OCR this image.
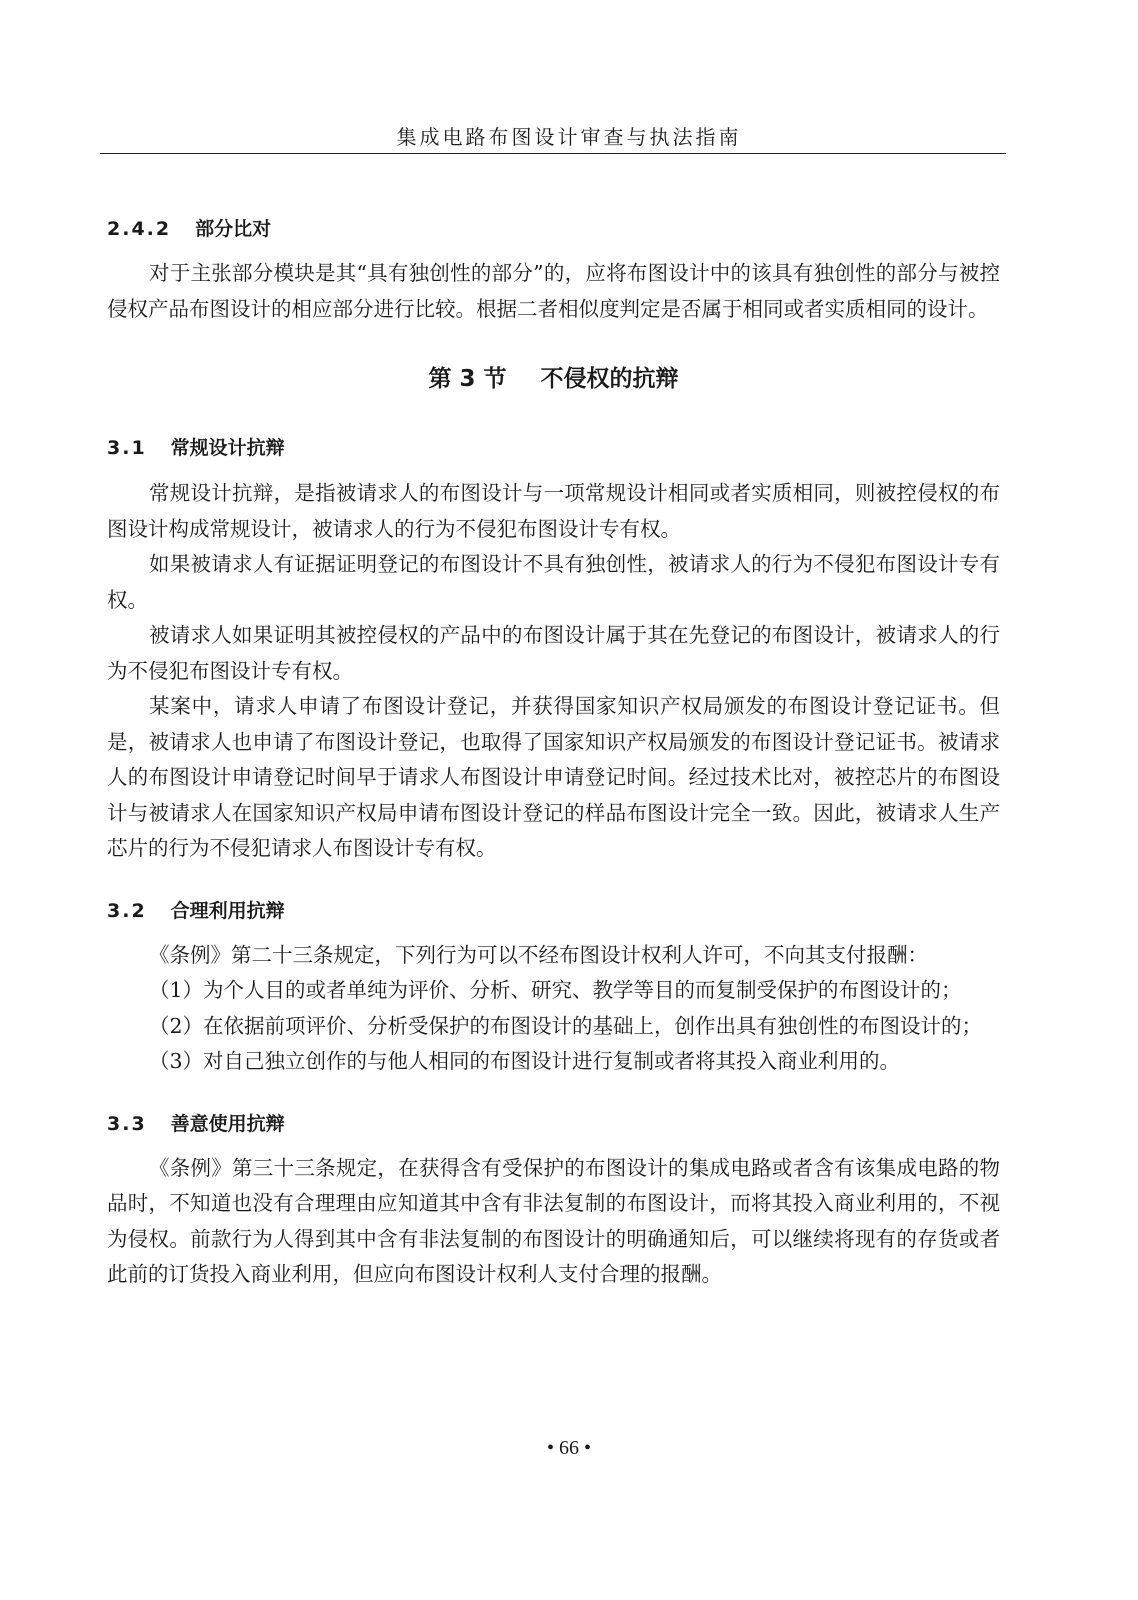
集成电路布图设计审查与执法指南
2.4.2 部分比对

对于主张部分模块是其“具有独创性的部分”的，应将布图设计中的该具有独创性的部分与被控侵权产品布图设计的相应部分进行比较。根据二者相似度判定是否属于相同或者实质相同的设计。

第 3 节 不侵权的抗辩
3.1 常规设计抗辩

常规设计抗辩，是指被请求人的布图设计与一项常规设计相同或者实质相同，则被控侵权的布图设计构成常规设计，被请求人的行为不侵犯布图设计专有权。

如果被请求人有证据证明登记的布图设计不具有独创性，被请求人的行为不侵犯布图设计专有权。

被请求人如果证明其被控侵权的产品中的布图设计属于其在先登记的布图设计，被请求人的行为不侵犯布图设计专有权。

某案中，请求人申请了布图设计登记，并获得国家知识产权局颁发的布图设计登记证书。但是，被请求人也申请了布图设计登记，也取得了国家知识产权局颁发的布图设计登记证书。被请求人的布图设计申请登记时间早于请求人布图设计申请登记时间。经过技术比对，被控芯片的布图设计与被请求人在国家知识产权局申请布图设计登记的样品布图设计完全一致。因此，被请求人生产芯片的行为不侵犯请求人布图设计专有权。

3.2 合理利用抗辩

《条例》第二十三条规定，下列行为可以不经布图设计权利人许可，不向其支付报酬：

（1）为个人目的或者单纯为评价、分析、研究、教学等目的而复制受保护的布图设计的；

（2）在依据前项评价、分析受保护的布图设计的基础上，创作出具有独创性的布图设计的；

（3）对自己独立创作的与他人相同的布图设计进行复制或者将其投入商业利用的。

3.3 善意使用抗辩

《条例》第三十三条规定，在获得含有受保护的布图设计的集成电路或者含有该集成电路的物品时，不知道也没有合理理由应知道其中含有非法复制的布图设计，而将其投入商业利用的，不视为侵权。前款行为人得到其中含有非法复制的布图设计的明确通知后，可以继续将现有的存货或者此前的订货投入商业利用，但应向布图设计权利人支付合理的报酬。

• 66 •
